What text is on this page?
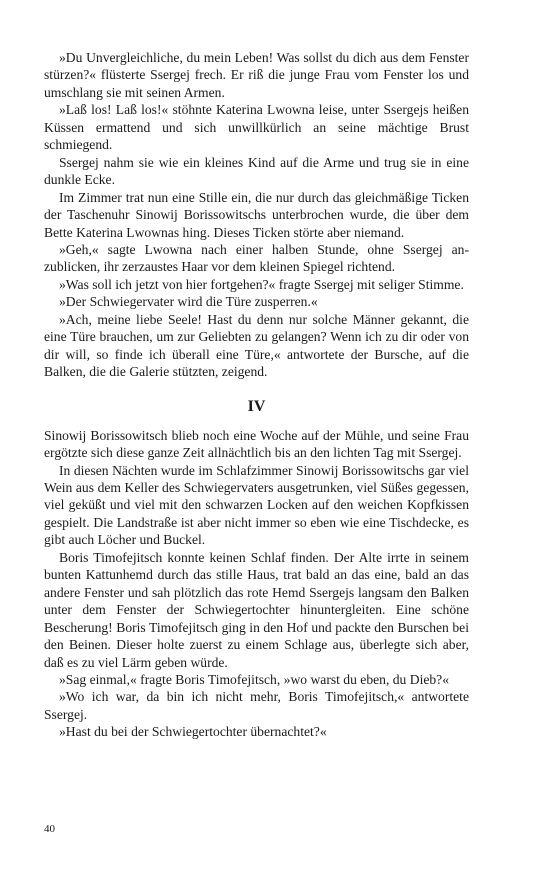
»Du Unvergleichliche, du mein Leben! Was sollst du dich aus dem Fenster stürzen?« flüsterte Ssergej frech. Er riß die junge Frau vom Fenster los und umschlang sie mit seinen Armen.

»Laß los! Laß los!« stöhnte Katerina Lwowna leise, unter Ssergejs heißen Küssen ermattend und sich unwillkürlich an seine mächtige Brust schmiegend.

Ssergej nahm sie wie ein kleines Kind auf die Arme und trug sie in eine dunkle Ecke.

Im Zimmer trat nun eine Stille ein, die nur durch das gleichmäßige Ticken der Taschenuhr Sinowij Borissowitschs unterbrochen wurde, die über dem Bette Katerina Lwownas hing. Dieses Ticken störte aber niemand.

»Geh,« sagte Lwowna nach einer halben Stunde, ohne Ssergej anzublicken, ihr zerzaustes Haar vor dem kleinen Spiegel richtend.

»Was soll ich jetzt von hier fortgehen?« fragte Ssergej mit seliger Stimme.

»Der Schwiegervater wird die Türe zusperren.«

»Ach, meine liebe Seele! Hast du denn nur solche Männer gekannt, die eine Türe brauchen, um zur Geliebten zu gelangen? Wenn ich zu dir oder von dir will, so finde ich überall eine Türe,« antwortete der Bursche, auf die Balken, die die Galerie stützten, zeigend.

IV

Sinowij Borissowitsch blieb noch eine Woche auf der Mühle, und seine Frau ergötzte sich diese ganze Zeit allnächtlich bis an den lichten Tag mit Ssergej.

In diesen Nächten wurde im Schlafzimmer Sinowij Borissowitschs gar viel Wein aus dem Keller des Schwiegervaters ausgetrunken, viel Süßes gegessen, viel geküßt und viel mit den schwarzen Locken auf den weichen Kopfkissen gespielt. Die Landstraße ist aber nicht immer so eben wie eine Tischdecke, es gibt auch Löcher und Buckel.

Boris Timofejitsch konnte keinen Schlaf finden. Der Alte irrte in seinem bunten Kattunhemd durch das stille Haus, trat bald an das eine, bald an das andere Fenster und sah plötzlich das rote Hemd Ssergejs langsam den Balken unter dem Fenster der Schwiegertochter hinuntergleiten. Eine schöne Bescherung! Boris Timofejitsch ging in den Hof und packte den Burschen bei den Beinen. Dieser holte zuerst zu einem Schlage aus, überlegte sich aber, daß es zu viel Lärm geben würde.

»Sag einmal,« fragte Boris Timofejitsch, »wo warst du eben, du Dieb?«

»Wo ich war, da bin ich nicht mehr, Boris Timofejitsch,« antwortete Ssergej.

»Hast du bei der Schwiegertochter übernachtet?«

40
